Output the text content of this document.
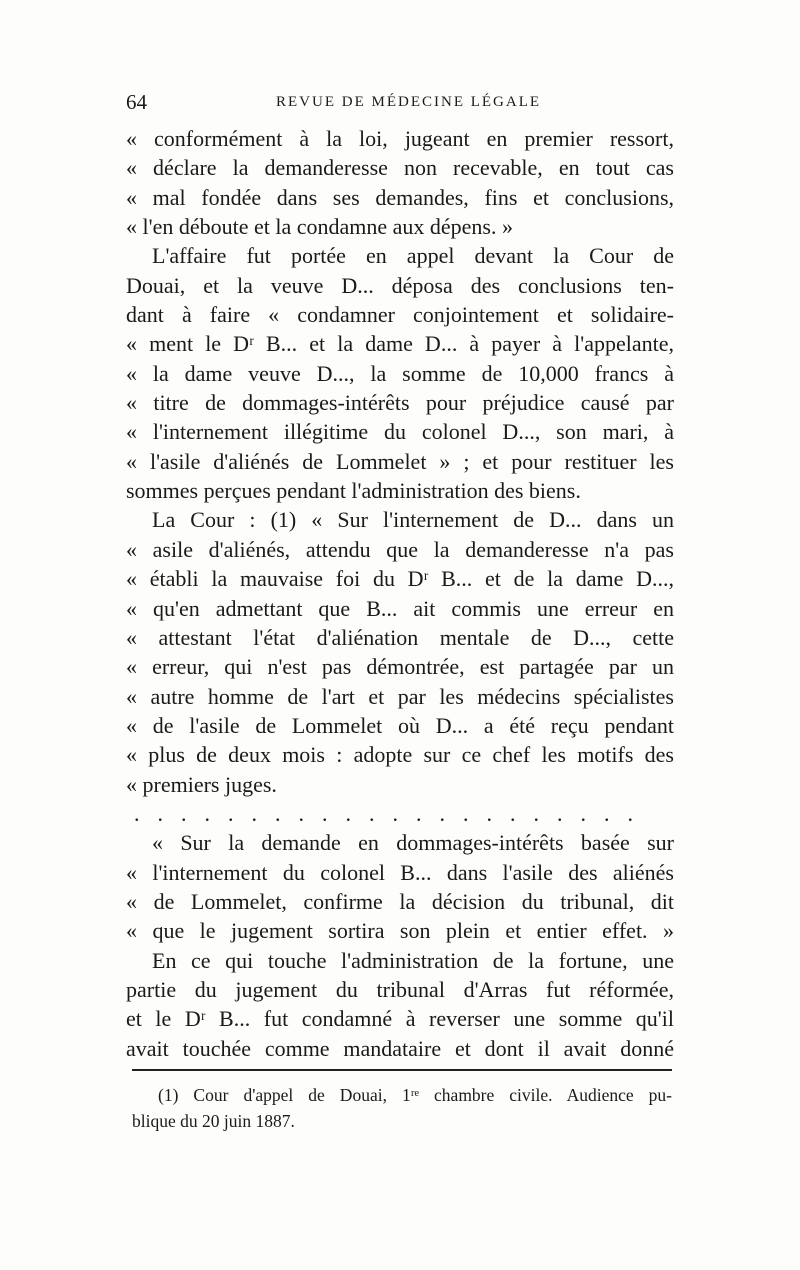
64	REVUE DE MÉDECINE LÉGALE
« conformément à la loi, jugeant en premier ressort,
« déclare la demanderesse non recevable, en tout cas
« mal fondée dans ses demandes, fins et conclusions,
« l'en déboute et la condamne aux dépens. »
L'affaire fut portée en appel devant la Cour de
Douai, et la veuve D... déposa des conclusions ten-
dant à faire « condamner conjointement et solidaire-
« ment le Dʳ B... et la dame D... à payer à l'appelante,
« la dame veuve D..., la somme de 10,000 francs à
« titre de dommages-intérêts pour préjudice causé par
« l'internement illégitime du colonel D..., son mari, à
« l'asile d'aliénés de Lommelet » ; et pour restituer les
sommes perçues pendant l'administration des biens.
La Cour : (1) « Sur l'internement de D... dans un
« asile d'aliénés, attendu que la demanderesse n'a pas
« établi la mauvaise foi du Dʳ B... et de la dame D...,
« qu'en admettant que B... ait commis une erreur en
« attestant l'état d'aliénation mentale de D..., cette
« erreur, qui n'est pas démontrée, est partagée par un
« autre homme de l'art et par les médecins spécialistes
« de l'asile de Lommelet où D... a été reçu pendant
« plus de deux mois : adopte sur ce chef les motifs des
« premiers juges.
......................
« Sur la demande en dommages-intérêts basée sur
« l'internement du colonel B... dans l'asile des aliénés
« de Lommelet, confirme la décision du tribunal, dit
« que le jugement sortira son plein et entier effet. »
En ce qui touche l'administration de la fortune, une
partie du jugement du tribunal d'Arras fut réformée,
et le Dʳ B... fut condamné à reverser une somme qu'il
avait touchée comme mandataire et dont il avait donné
(1) Cour d'appel de Douai, 1ʳᵉ chambre civile. Audience pu-
blique du 20 juin 1887.
